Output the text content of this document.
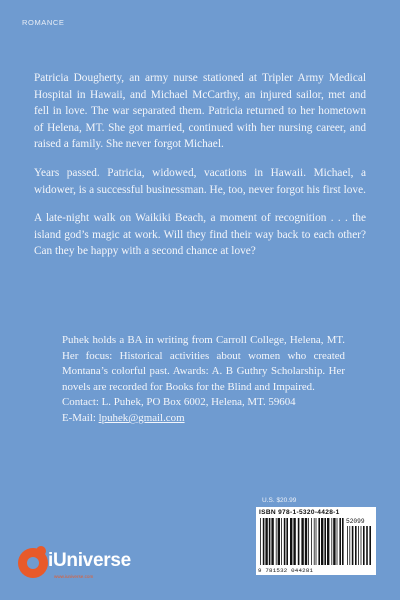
ROMANCE

Patricia Dougherty, an army nurse stationed at Tripler Army Medical Hospital in Hawaii, and Michael McCarthy, an injured sailor, met and fell in love. The war separated them. Patricia returned to her hometown of Helena, MT. She got married, continued with her nursing career, and raised a family. She never forgot Michael.

Years passed. Patricia, widowed, vacations in Hawaii. Michael, a widower, is a successful businessman. He, too, never forgot his first love.

A late-night walk on Waikiki Beach, a moment of recognition . . . the island god’s magic at work. Will they find their way back to each other? Can they be happy with a second chance at love?

Puhek holds a BA in writing from Carroll College, Helena, MT. Her focus: Historical activities about women who created Montana’s colorful past. Awards: A. B Guthry Scholarship. Her novels are recorded for Books for the Blind and Impaired.
Contact: L. Puhek, PO Box 6002, Helena, MT. 59604
E-Mail: lpuhek@gmail.com
U.S. $20.99
ISBN 978-1-5320-4428-1
52099
9 781532 044281
iUniverse
www.iuniverse.com
